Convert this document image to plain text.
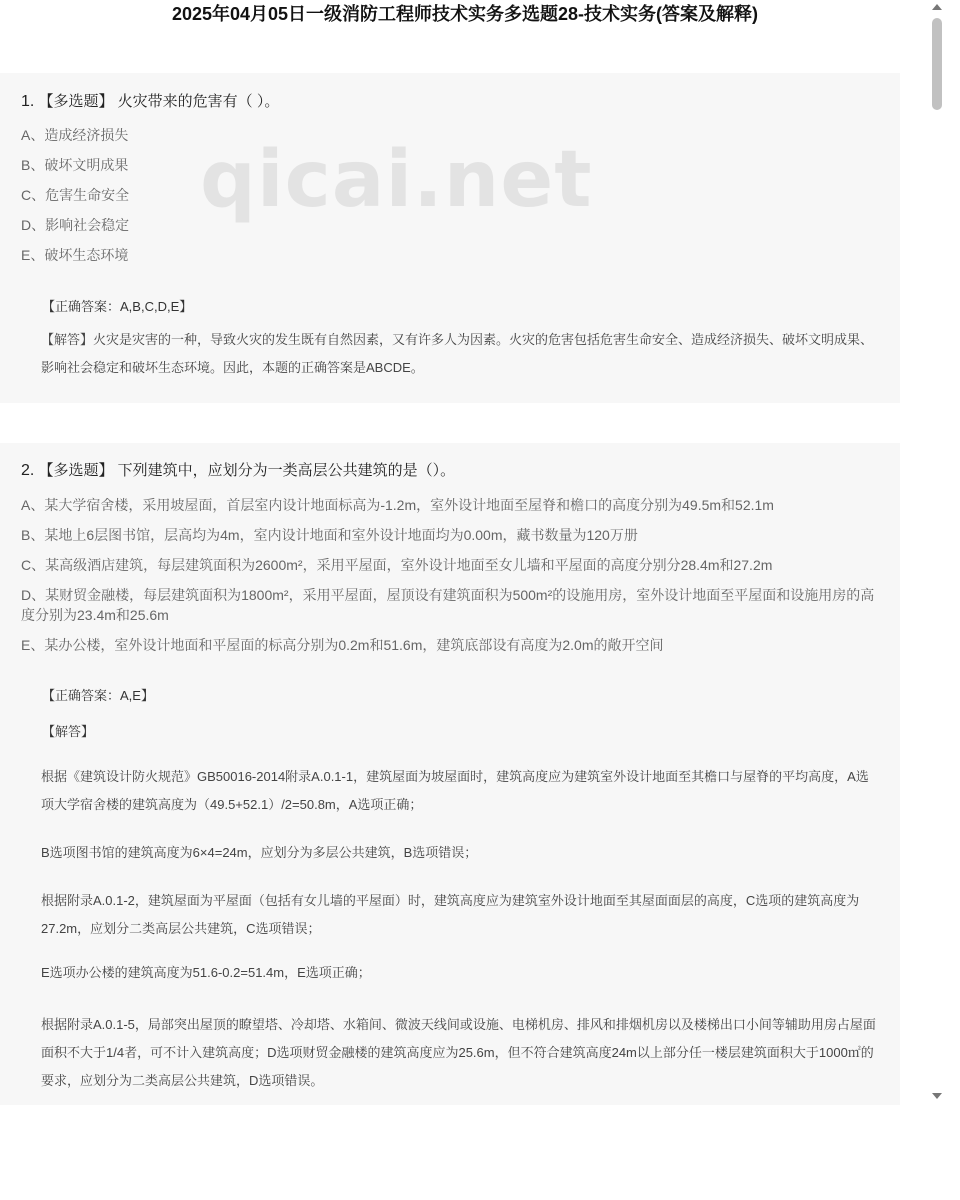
2025年04月05日一级消防工程师技术实务多选题28-技术实务(答案及解释)
1. 【多选题】 火灾带来的危害有（ ）。
A、造成经济损失
B、破坏文明成果
C、危害生命安全
D、影响社会稳定
E、破坏生态环境
【正确答案：A,B,C,D,E】
【解答】火灾是灾害的一种，导致火灾的发生既有自然因素，又有许多人为因素。火灾的危害包括危害生命安全、造成经济损失、破坏文明成果、影响社会稳定和破坏生态环境。因此，本题的正确答案是ABCDE。
2. 【多选题】 下列建筑中，应划分为一类高层公共建筑的是（）。
A、某大学宿舍楼，采用坡屋面，首层室内设计地面标高为-1.2m，室外设计地面至屋脊和檐口的高度分别为49.5m和52.1m
B、某地上6层图书馆，层高均为4m，室内设计地面和室外设计地面均为0.00m，藏书数量为120万册
C、某高级酒店建筑，每层建筑面积为2600m²，采用平屋面，室外设计地面至女儿墙和平屋面的高度分别分28.4m和27.2m
D、某财贸金融楼，每层建筑面积为1800m²，采用平屋面，屋顶设有建筑面积为500m²的设施用房，室外设计地面至平屋面和设施用房的高度分别为23.4m和25.6m
E、某办公楼，室外设计地面和平屋面的标高分别为0.2m和51.6m，建筑底部设有高度为2.0m的敞开空间
【正确答案：A,E】
【解答】
根据《建筑设计防火规范》GB50016-2014附录A.0.1-1，建筑屋面为坡屋面时，建筑高度应为建筑室外设计地面至其檐口与屋脊的平均高度，A选项大学宿舍楼的建筑高度为（49.5+52.1）/2=50.8m，A选项正确；
B选项图书馆的建筑高度为6×4=24m，应划分为多层公共建筑，B选项错误；
根据附录A.0.1-2，建筑屋面为平屋面（包括有女儿墙的平屋面）时，建筑高度应为建筑室外设计地面至其屋面面层的高度，C选项的建筑高度为27.2m，应划分二类高层公共建筑，C选项错误；
E选项办公楼的建筑高度为51.6-0.2=51.4m，E选项正确；
根据附录A.0.1-5，局部突出屋顶的瞭望塔、冷却塔、水箱间、微波天线间或设施、电梯机房、排风和排烟机房以及楼梯出口小间等辅助用房占屋面面积不大于1/4者，可不计入建筑高度；D选项财贸金融楼的建筑高度应为25.6m，但不符合建筑高度24m以上部分任一楼层建筑面积大于1000㎡的要求，应划分为二类高层公共建筑，D选项错误。
